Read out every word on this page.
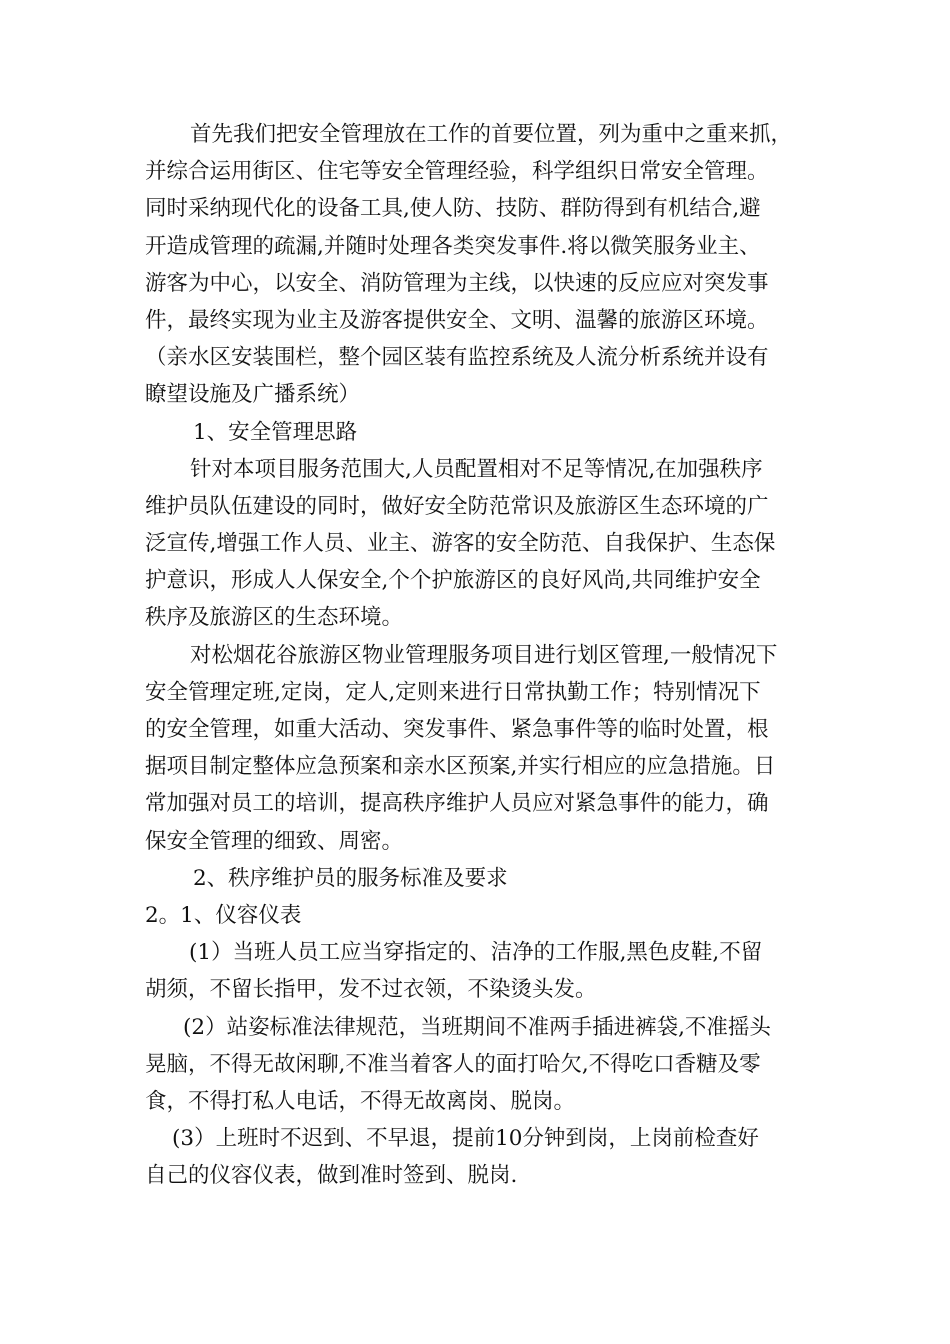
首先我们把安全管理放在工作的首要位置，列为重中之重来抓，
并综合运用街区、住宅等安全管理经验，科学组织日常安全管理。
同时采纳现代化的设备工具,使人防、技防、群防得到有机结合,避
开造成管理的疏漏,并随时处理各类突发事件.将以微笑服务业主、
游客为中心，以安全、消防管理为主线，以快速的反应应对突发事
件，最终实现为业主及游客提供安全、文明、温馨的旅游区环境。
（亲水区安装围栏，整个园区装有监控系统及人流分析系统并设有
瞭望设施及广播系统）
1、安全管理思路
针对本项目服务范围大,人员配置相对不足等情况,在加强秩序
维护员队伍建设的同时，做好安全防范常识及旅游区生态环境的广
泛宣传,增强工作人员、业主、游客的安全防范、自我保护、生态保
护意识，形成人人保安全,个个护旅游区的良好风尚,共同维护安全
秩序及旅游区的生态环境。
对松烟花谷旅游区物业管理服务项目进行划区管理,一般情况下
安全管理定班,定岗，定人,定则来进行日常执勤工作；特别情况下
的安全管理，如重大活动、突发事件、紧急事件等的临时处置，根
据项目制定整体应急预案和亲水区预案,并实行相应的应急措施。日
常加强对员工的培训，提高秩序维护人员应对紧急事件的能力，确
保安全管理的细致、周密。
2、秩序维护员的服务标准及要求
2。1、仪容仪表
(1）当班人员工应当穿指定的、洁净的工作服,黑色皮鞋,不留
胡须，不留长指甲，发不过衣领，不染烫头发。
(2）站姿标准法律规范，当班期间不准两手插进裤袋,不准摇头
晃脑，不得无故闲聊,不准当着客人的面打哈欠,不得吃口香糖及零
食，不得打私人电话，不得无故离岗、脱岗。
(3）上班时不迟到、不早退，提前10分钟到岗，上岗前检查好
自己的仪容仪表，做到准时签到、脱岗.
